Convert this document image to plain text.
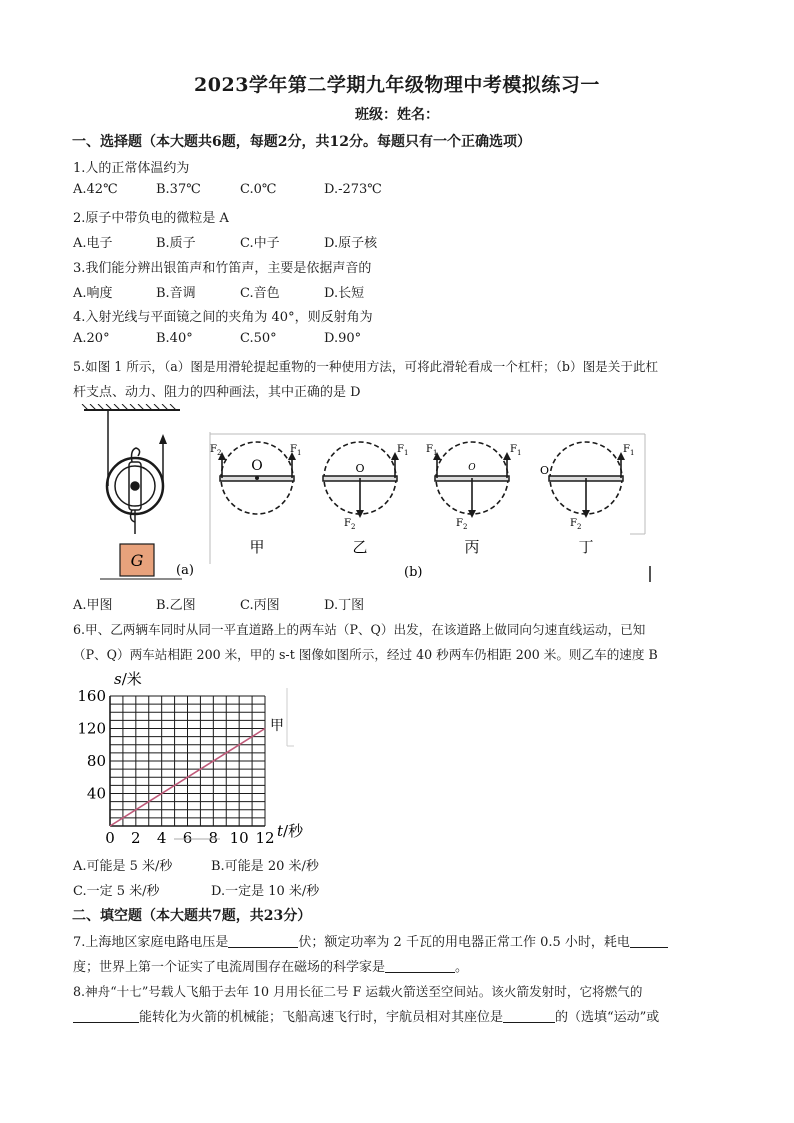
2023学年第二学期九年级物理中考模拟练习一
班级：姓名：
一、选择题（本大题共6题，每题2分，共12分。每题只有一个正确选项）
1.人的正常体温约为
A.42℃	B.37℃	C.0℃	D.-273℃
2.原子中带负电的微粒是 A
A.电子	B.质子	C.中子	D.原子核
3.我们能分辨出银笛声和竹笛声，主要是依据声音的
A.响度	B.音调	C.音色	D.长短
4.入射光线与平面镜之间的夹角为 40°，则反射角为
A.20°	B.40°	C.50°	D.90°
5.如图 1 所示，（a）图是用滑轮提起重物的一种使用方法，可将此滑轮看成一个杠杆；（b）图是关于此杠
杆支点、动力、阻力的四种画法，其中正确的是 D
G
(a)
O
$F_2$	$F_1$
甲
O
$F_2$
$F_1$
乙
O
$F_1$	$F_1$
$F_2$
丙
O
$F_1$
$F_2$
丁
(b)
A.甲图	B.乙图	C.丙图	D.丁图
6.甲、乙两辆车同时从同一平直道路上的两车站（P、Q）出发，在该道路上做同向匀速直线运动，已知
（P、Q）两车站相距 200 米，甲的 s-t 图像如图所示，经过 40 秒两车仍相距 200 米。则乙车的速度 B
0 2 4 6 8 10 12
40
80
120
160
s/米
t/秒
甲
A.可能是 5 米/秒	B.可能是 20 米/秒
C.一定 5 米/秒	D.一定是 10 米/秒
二、填空题（本大题共7题，共23分）
7.上海地区家庭电路电压是	伏；额定功率为 2 千瓦的用电器正常工作 0.5 小时，耗电
度；世界上第一个证实了电流周围存在磁场的科学家是	。
8.神舟“十七”号载人飞船于去年 10 月用长征二号 F 运载火箭送至空间站。该火箭发射时，它将燃气的
能转化为火箭的机械能；飞船高速飞行时，宇航员相对其座位是	的（选填“运动”或
